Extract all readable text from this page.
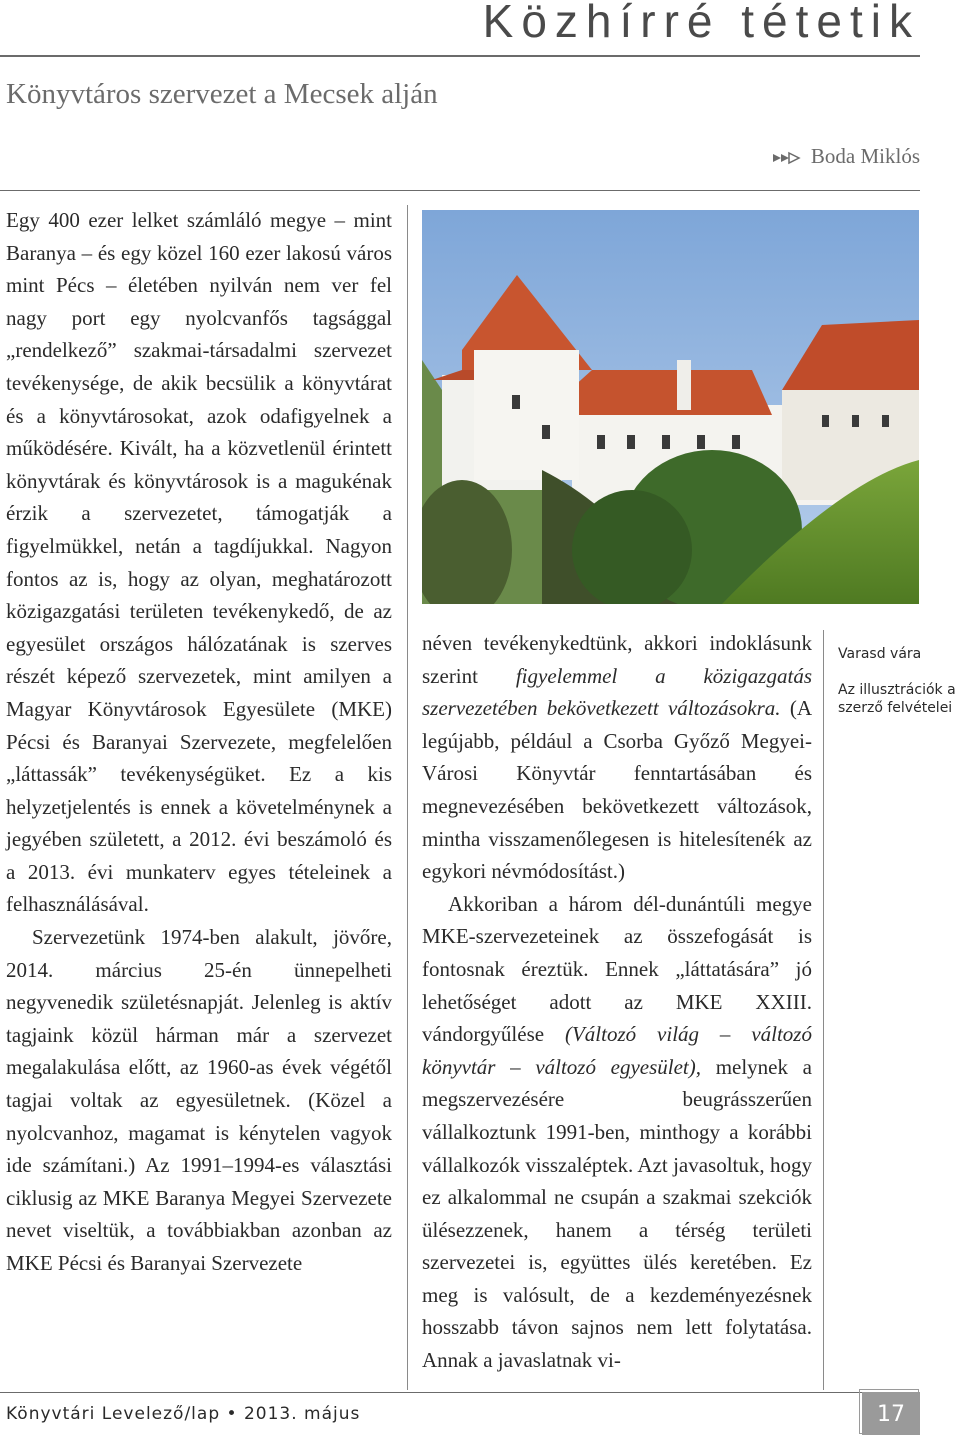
Közhírré tétetik
Könyvtáros szervezet a Mecsek alján
Boda Miklós

Egy 400 ezer lelket számláló megye – mint Baranya – és egy közel 160 ezer lakosú város mint Pécs – életében nyilván nem ver fel nagy port egy nyolcvanfős tagsággal „rendelkező” szakmai-társadalmi szervezet tevékenysége, de akik becsülik a könyvtárat és a könyvtárosokat, azok odafigyelnek a működésére. Kivált, ha a közvetlenül érintett könyvtárak és könyvtárosok is a magukénak érzik a szervezetet, támogatják a figyelmükkel, netán a tagdíjukkal. Nagyon fontos az is, hogy az olyan, meghatározott közigazgatási területen tevékenykedő, de az egyesület országos hálózatának is szerves részét képező szervezetek, mint amilyen a Magyar Könyvtárosok Egyesülete (MKE) Pécsi és Baranyai Szervezete, megfelelően „láttassák” tevékenységüket. Ez a kis helyzetjelentés is ennek a követelménynek a jegyében született, a 2012. évi beszámoló és a 2013. évi munkaterv egyes tételeinek a felhasználásával.

Szervezetünk 1974-ben alakult, jövőre, 2014. március 25-én ünnepelheti negyvenedik születésnapját. Jelenleg is aktív tagjaink közül hárman már a szervezet megalakulása előtt, az 1960-as évek végétől tagjai voltak az egyesületnek. (Közel a nyolcvanhoz, magamat is kénytelen vagyok ide számítani.) Az 1991–1994-es választási ciklusig az MKE Baranya Megyei Szervezete nevet viseltük, a továbbiakban azonban az MKE Pécsi és Baranyai Szervezete

néven tevékenykedtünk, akkori indoklásunk szerint figyelemmel a közigazgatás szervezetében bekövetkezett változásokra. (A legújabb, például a Csorba Győző Megyei-Városi Könyvtár fenntartásában és megnevezésében bekövetkezett változások, mintha visszamenőlegesen is hitelesítenék az egykori névmódosítást.)

Akkoriban a három dél-dunántúli megye MKE-szervezeteinek az összefogását is fontosnak éreztük. Ennek „láttatására” jó lehetőséget adott az MKE XXIII. vándorgyűlése (Változó világ – változó könyvtár – változó egyesület), melynek a megszervezésére beugrásszerűen vállalkoztunk 1991-ben, minthogy a korábbi vállalkozók visszaléptek. Azt javasoltuk, hogy ez alkalommal ne csupán a szakmai szekciók ülésezzenek, hanem a térség területi szervezetei is, együttes ülés keretében. Ez meg is valósult, de a kezdeményezésnek hosszabb távon sajnos nem lett folytatása. Annak a javaslatnak vi-

Varasd vára
Az illusztrációk a szerző felvételei
Könyvtári Levelező/lap • 2013. május	17
